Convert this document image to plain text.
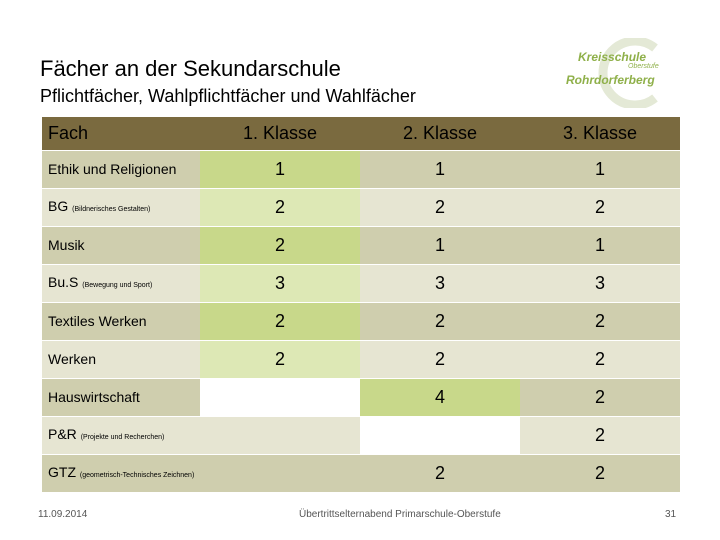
Fächer an der Sekundarschule
Pflichtfächer, Wahlpflichtfächer und Wahlfächer
Kreisschule
Oberstufe
Rohrdorferberg
Fach	1. Klasse	2. Klasse	3. Klasse
Ethik und Religionen	1	1	1
BG (Bildnerisches Gestalten)	2	2	2
Musik	2	1	1
Bu.S (Bewegung und Sport)	3	3	3
Textiles Werken	2	2	2
Werken	2	2	2
Hauswirtschaft		4	2
P&R (Projekte und Recherchen)			2
GTZ (geometrisch-Technisches Zeichnen)		2	2
11.09.2014	Übertrittselternabend Primarschule-Oberstufe	31
